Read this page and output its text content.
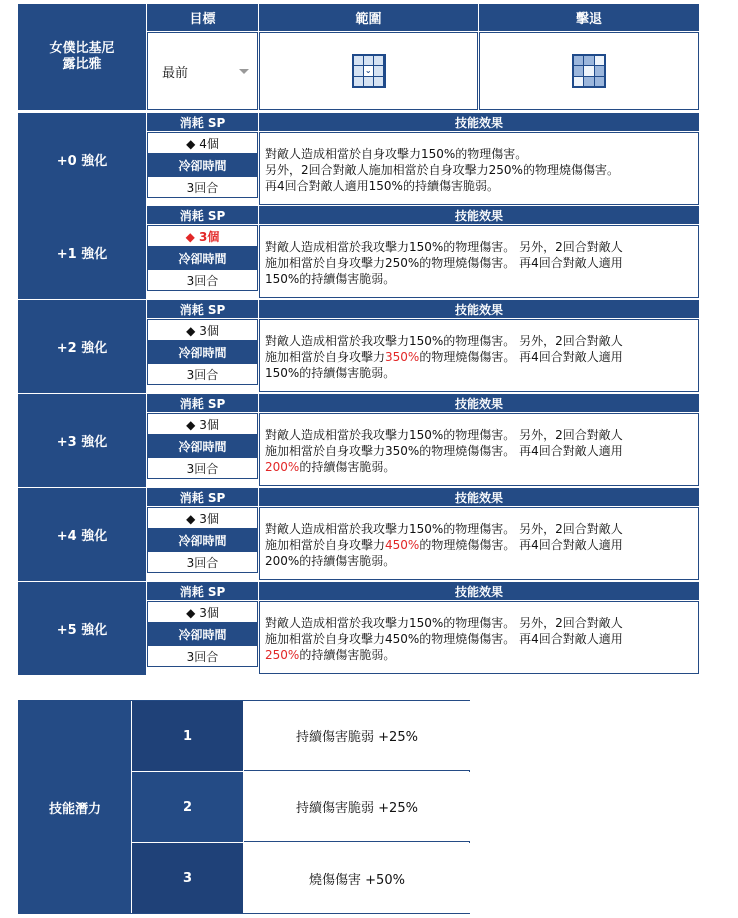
女僕比基尼
露比雅
目標	範圍	擊退
最前	⌄
+0 強化
消耗 SP	技能效果
◆ 4個
冷卻時間
3回合

對敵人造成相當於自身攻擊力150%的物理傷害。

另外，2回合對敵人施加相當於自身攻擊力250%的物理燒傷傷害。

再4回合對敵人適用150%的持續傷害脆弱。

+1 強化
消耗 SP	技能效果
◆ 3個
冷卻時間
3回合

對敵人造成相當於我攻擊力150%的物理傷害。 另外，2回合對敵人

施加相當於自身攻擊力250%的物理燒傷傷害。 再4回合對敵人適用

150%的持續傷害脆弱。

+2 強化
消耗 SP	技能效果
◆ 3個
冷卻時間
3回合

對敵人造成相當於我攻擊力150%的物理傷害。 另外，2回合對敵人

施加相當於自身攻擊力350%的物理燒傷傷害。 再4回合對敵人適用

150%的持續傷害脆弱。

+3 強化
消耗 SP	技能效果
◆ 3個
冷卻時間
3回合

對敵人造成相當於我攻擊力150%的物理傷害。 另外，2回合對敵人

施加相當於自身攻擊力350%的物理燒傷傷害。 再4回合對敵人適用

200%的持續傷害脆弱。

+4 強化
消耗 SP	技能效果
◆ 3個
冷卻時間
3回合

對敵人造成相當於我攻擊力150%的物理傷害。 另外，2回合對敵人

施加相當於自身攻擊力450%的物理燒傷傷害。 再4回合對敵人適用

200%的持續傷害脆弱。

+5 強化
消耗 SP	技能效果
◆ 3個
冷卻時間
3回合

對敵人造成相當於我攻擊力150%的物理傷害。 另外，2回合對敵人

施加相當於自身攻擊力450%的物理燒傷傷害。 再4回合對敵人適用

250%的持續傷害脆弱。

技能潛力
1	持續傷害脆弱 +25%
2	持續傷害脆弱 +25%
3	燒傷傷害 +50%
